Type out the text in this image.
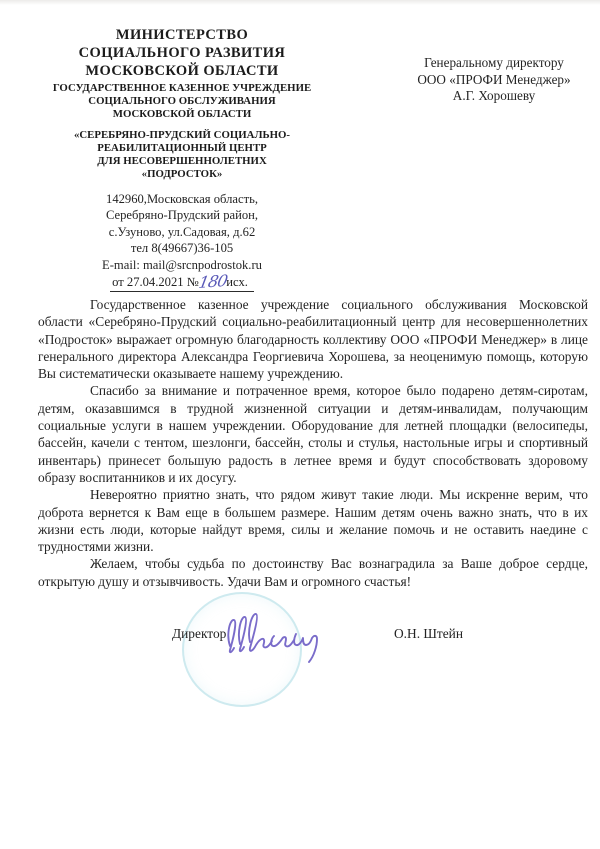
МИНИСТЕРСТВО
СОЦИАЛЬНОГО РАЗВИТИЯ
МОСКОВСКОЙ ОБЛАСТИ
ГОСУДАРСТВЕННОЕ КАЗЕННОЕ УЧРЕЖДЕНИЕ
СОЦИАЛЬНОГО ОБСЛУЖИВАНИЯ
МОСКОВСКОЙ ОБЛАСТИ
«СЕРЕБРЯНО-ПРУДСКИЙ СОЦИАЛЬНО-
РЕАБИЛИТАЦИОННЫЙ ЦЕНТР
ДЛЯ НЕСОВЕРШЕННОЛЕТНИХ
«ПОДРОСТОК»
142960,Московская область,
Серебряно-Прудский район,
с.Узуново, ул.Садовая, д.62
тел 8(49667)36-105
E-mail: mail@srcnpodrostok.ru
от 27.04.2021 №180исх.
Генеральному директору
ООО «ПРОФИ Менеджер»
А.Г. Хорошеву

Государственное казенное учреждение социального обслуживания Московской области «Серебряно-Прудский социально-реабилитационный центр для несовершеннолетних «Подросток» выражает огромную благодарность коллективу ООО «ПРОФИ Менеджер» в лице генерального директора Александра Георгиевича Хорошева, за неоценимую помощь, которую Вы систематически оказываете нашему учреждению.

Спасибо за внимание и потраченное время, которое было подарено детям-сиротам, детям, оказавшимся в трудной жизненной ситуации и детям-инвалидам, получающим социальные услуги в нашем учреждении. Оборудование для летней площадки (велосипеды, бассейн, качели с тентом, шезлонги, бассейн, столы и стулья, настольные игры и спортивный инвентарь) принесет большую радость в летнее время и будут способствовать здоровому образу воспитанников и их досугу.

Невероятно приятно знать, что рядом живут такие люди. Мы искренне верим, что доброта вернется к Вам еще в большем размере. Нашим детям очень важно знать, что в их жизни есть люди, которые найдут время, силы и желание помочь и не оставить наедине с трудностями жизни.

Желаем, чтобы судьба по достоинству Вас вознаградила за Ваше доброе сердце, открытую душу и отзывчивость. Удачи Вам и огромного счастья!

Директор	О.Н. Штейн
